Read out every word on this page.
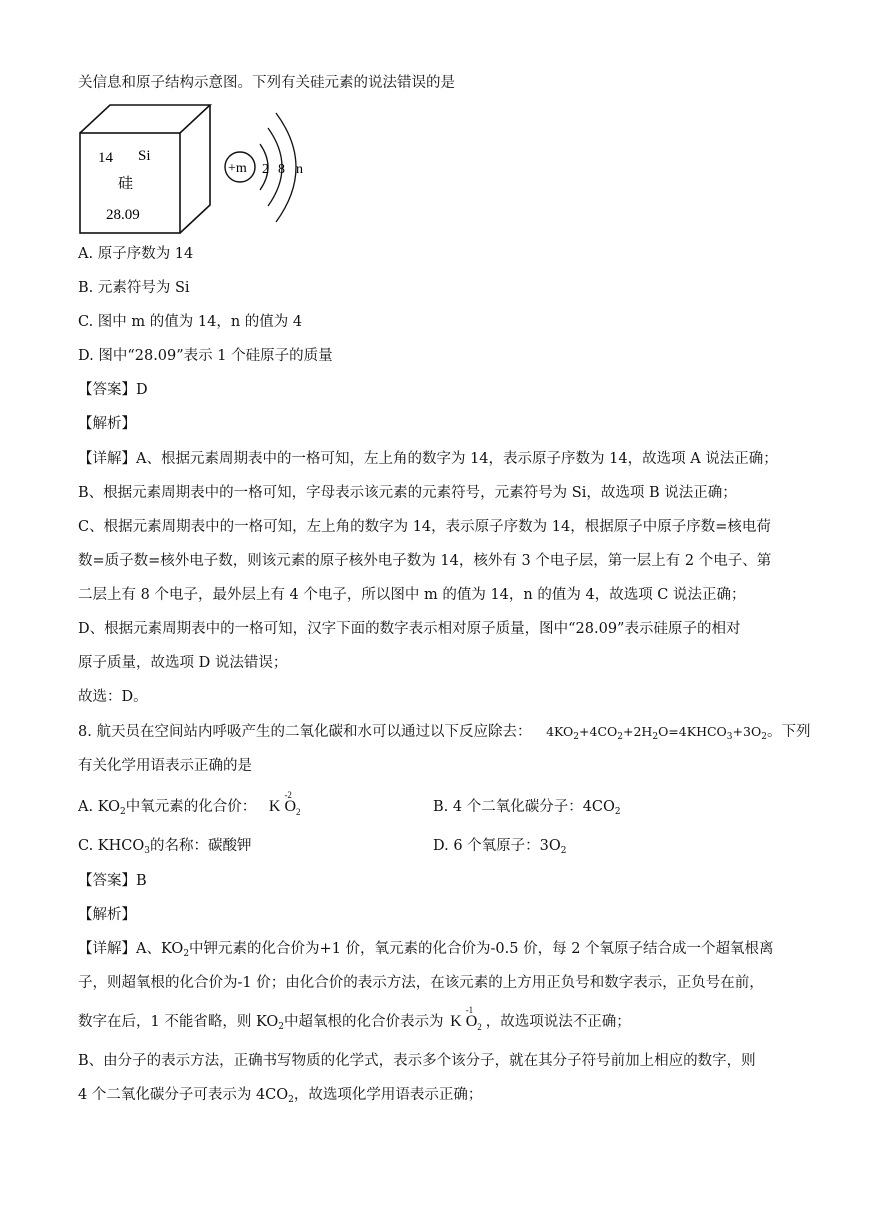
关信息和原子结构示意图。下列有关硅元素的说法错误的是
14 Si
硅
28.09
+m 2 8 n
A. 原子序数为 14
B. 元素符号为 Si
C. 图中 m 的值为 14，n 的值为 4
D. 图中“28.09”表示 1 个硅原子的质量
【答案】D
【解析】
【详解】A、根据元素周期表中的一格可知，左上角的数字为 14，表示原子序数为 14，故选项 A 说法正确；
B、根据元素周期表中的一格可知，字母表示该元素的元素符号，元素符号为 Si，故选项 B 说法正确；
C、根据元素周期表中的一格可知，左上角的数字为 14，表示原子序数为 14，根据原子中原子序数=核电荷
数=质子数=核外电子数，则该元素的原子核外电子数为 14，核外有 3 个电子层，第一层上有 2 个电子、第
二层上有 8 个电子，最外层上有 4 个电子，所以图中 m 的值为 14，n 的值为 4，故选项 C 说法正确；
D、根据元素周期表中的一格可知，汉字下面的数字表示相对原子质量，图中“28.09”表示硅原子的相对
原子质量，故选项 D 说法错误；
故选：D。
8. 航天员在空间站内呼吸产生的二氧化碳和水可以通过以下反应除去： $4KO_2+4CO_2+2H_2O=4KHCO_3+3O_2$。下列
有关化学用语表示正确的是
A. $KO_2$中氧元素的化合价： K
-2
$O_2$	B. 4 个二氧化碳分子：$4CO_2$
C. $KHCO_3$的名称：碳酸钾	D. 6 个氧原子：$3O_2$
【答案】B
【解析】
【详解】A、$KO_2$中钾元素的化合价为+1 价，氧元素的化合价为-0.5 价，每 2 个氧原子结合成一个超氧根离
子，则超氧根的化合价为-1 价；由化合价的表示方法，在该元素的上方用正负号和数字表示，正负号在前，
数字在后，1 不能省略，则 $KO_2$中超氧根的化合价表示为 K
-1
$O_2$ ，故选项说法不正确；
B、由分子的表示方法，正确书写物质的化学式，表示多个该分子，就在其分子符号前加上相应的数字，则
4 个二氧化碳分子可表示为 $4CO_2$，故选项化学用语表示正确；
